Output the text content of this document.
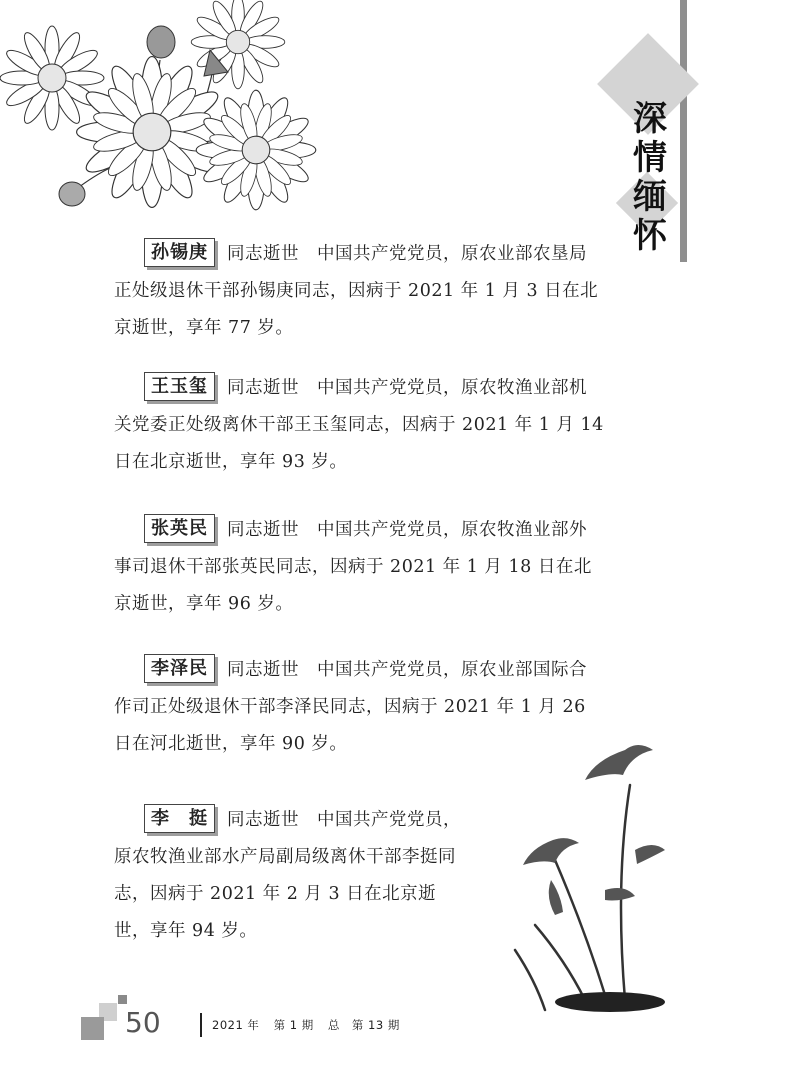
深
情
缅
怀
孙锡庚 同志逝世  中国共产党党员，原农业部农垦局正处级退休干部孙锡庚同志，因病于 2021 年 1 月 3 日在北京逝世，享年 77 岁。
王玉玺 同志逝世  中国共产党党员，原农牧渔业部机关党委正处级离休干部王玉玺同志，因病于 2021 年 1 月 14 日在北京逝世，享年 93 岁。
张英民 同志逝世  中国共产党党员，原农牧渔业部外事司退休干部张英民同志，因病于 2021 年 1 月 18 日在北京逝世，享年 96 岁。
李泽民 同志逝世  中国共产党党员，原农业部国际合作司正处级退休干部李泽民同志，因病于 2021 年 1 月 26 日在河北逝世，享年 90 岁。
李　挺 同志逝世  中国共产党党员，原农牧渔业部水产局副局级离休干部李挺同志，因病于 2021 年 2 月 3 日在北京逝世，享年 94 岁。
50	2021 年 第 1 期 总　第 13 期
